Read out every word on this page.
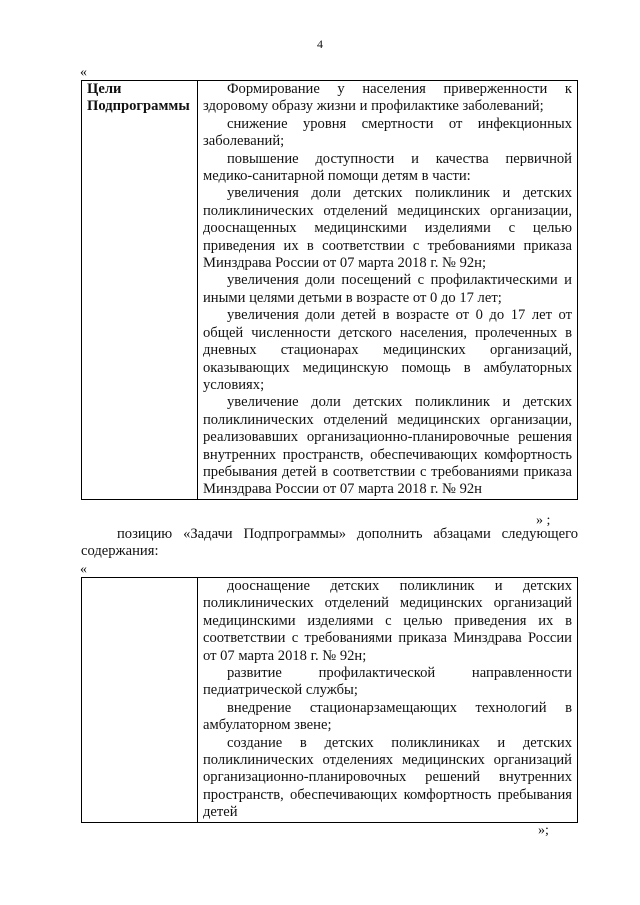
4
«
Цели Подпрограммы	

Формирование у населения приверженности к здоровому образу жизни и профилактике заболеваний;

снижение уровня смертности от инфекционных заболеваний;

повышение доступности и качества первичной медико-санитарной помощи детям в части:

увеличения доли детских поликлиник и детских поликлинических отделений медицинских организации, дооснащенных медицинскими изделиями с целью приведения их в соответствии с требованиями приказа Минздрава России от 07 марта 2018 г. № 92н;

увеличения доли посещений с профилактическими и иными целями детьми в возрасте от 0 до 17 лет;

увеличения доли детей в возрасте от 0 до 17 лет от общей численности детского населения, пролеченных в дневных стационарах медицинских организаций, оказывающих медицинскую помощь в амбулаторных условиях;

увеличение доли детских поликлиник и детских поликлинических отделений медицинских организации, реализовавших организационно-планировочные решения внутренних пространств, обеспечивающих комфортность пребывания детей в соответствии с требованиями приказа Минздрава России от 07 марта 2018 г. № 92н

» ;

позицию «Задачи Подпрограммы» дополнить абзацами следующего содержания:

«

дооснащение детских поликлиник и детских поликлинических отделений медицинских организаций медицинскими изделиями с целью приведения их в соответствии с требованиями приказа Минздрава России от 07 марта 2018 г. № 92н;

развитие профилактической направленности педиатрической службы;

внедрение стационарзамещающих технологий в амбулаторном звене;

создание в детских поликлиниках и детских поликлинических отделениях медицинских организаций организационно-планировочных решений внутренних пространств, обеспечивающих комфортность пребывания детей

»;
